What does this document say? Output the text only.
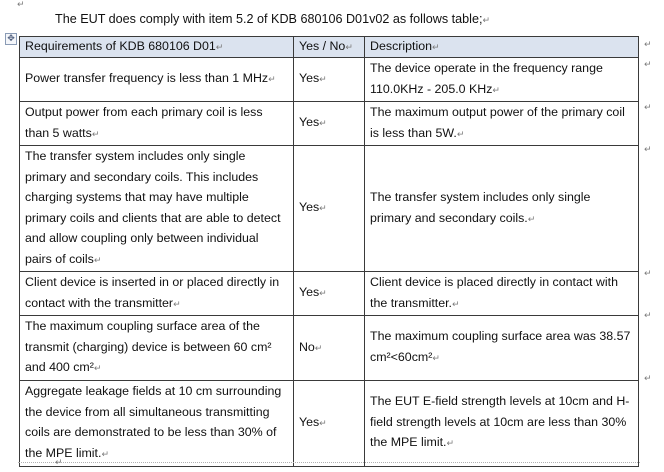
↵
The EUT does comply with item 5.2 of KDB 680106 D01v02 as follows table;↵
✥ Requirements of KDB 680106 D01↵	Yes / No↵	Description↵
Power transfer frequency is less than 1 MHz↵	Yes↵	The device operate in the frequency range 110.0KHz - 205.0 KHz↵
Output power from each primary coil is less than 5 watts↵	Yes↵	The maximum output power of the primary coil is less than 5W.↵
The transfer system includes only single primary and secondary coils. This includes charging systems that may have multiple primary coils and clients that are able to detect and allow coupling only between individual pairs of coils↵	Yes↵	The transfer system includes only single primary and secondary coils.↵
Client device is inserted in or placed directly in contact with the transmitter↵	Yes↵	Client device is placed directly in contact with the transmitter.↵
The maximum coupling surface area of the transmit (charging) device is between 60 cm² and 400 cm²↵	No↵	The maximum coupling surface area was 38.57 cm²<60cm²↵
Aggregate leakage fields at 10 cm surrounding the device from all simultaneous transmitting coils are demonstrated to be less than 30% of the MPE limit.↵	Yes↵	The EUT E-field strength levels at 10cm and H- field strength levels at 10cm are less than 30% the MPE limit.↵
↵
↵
↵
↵
↵
↵
↵
↵
